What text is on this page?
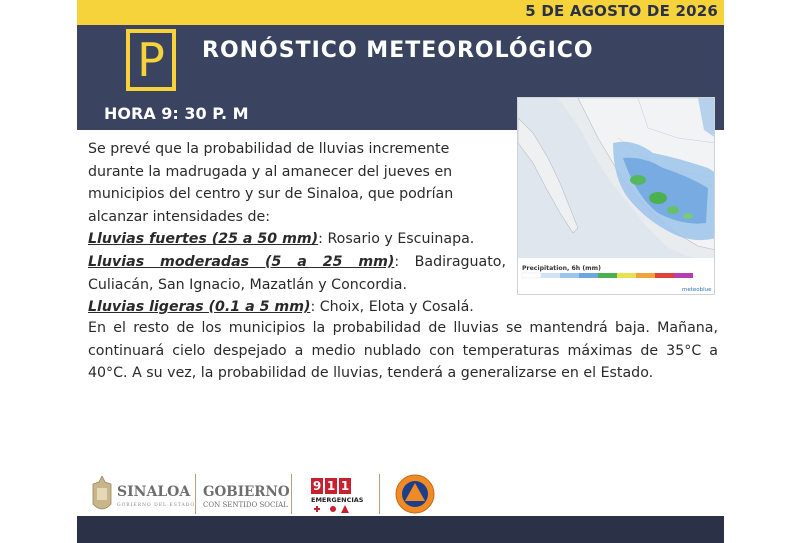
5 DE AGOSTO DE 2026
P	RONÓSTICO METEOROLÓGICO
HORA 9: 30 P. M
Precipitation, 6h (mm)
meteoblue
Se prevé que la probabilidad de lluvias incremente
durante la madrugada y al amanecer del jueves en
municipios del centro y sur de Sinaloa, que podrían
alcanzar intensidades de:
Lluvias fuertes (25 a 50 mm): Rosario y Escuinapa.
Lluvias moderadas (5 a 25 mm): Badiraguato,
Culiacán, San Ignacio, Mazatlán y Concordia.
Lluvias ligeras (0.1 a 5 mm): Choix, Elota y Cosalá.
En el resto de los municipios la probabilidad de lluvias se mantendrá baja. Mañana, continuará cielo despejado a medio nublado con temperaturas máximas de 35°C a 40°C. A su vez, la probabilidad de lluvias, tenderá a generalizarse en el Estado.
SINALOA
GOBIERNO DEL ESTADO
GOBIERNO
CON SENTIDO SOCIAL
9 1 1
EMERGENCIAS
